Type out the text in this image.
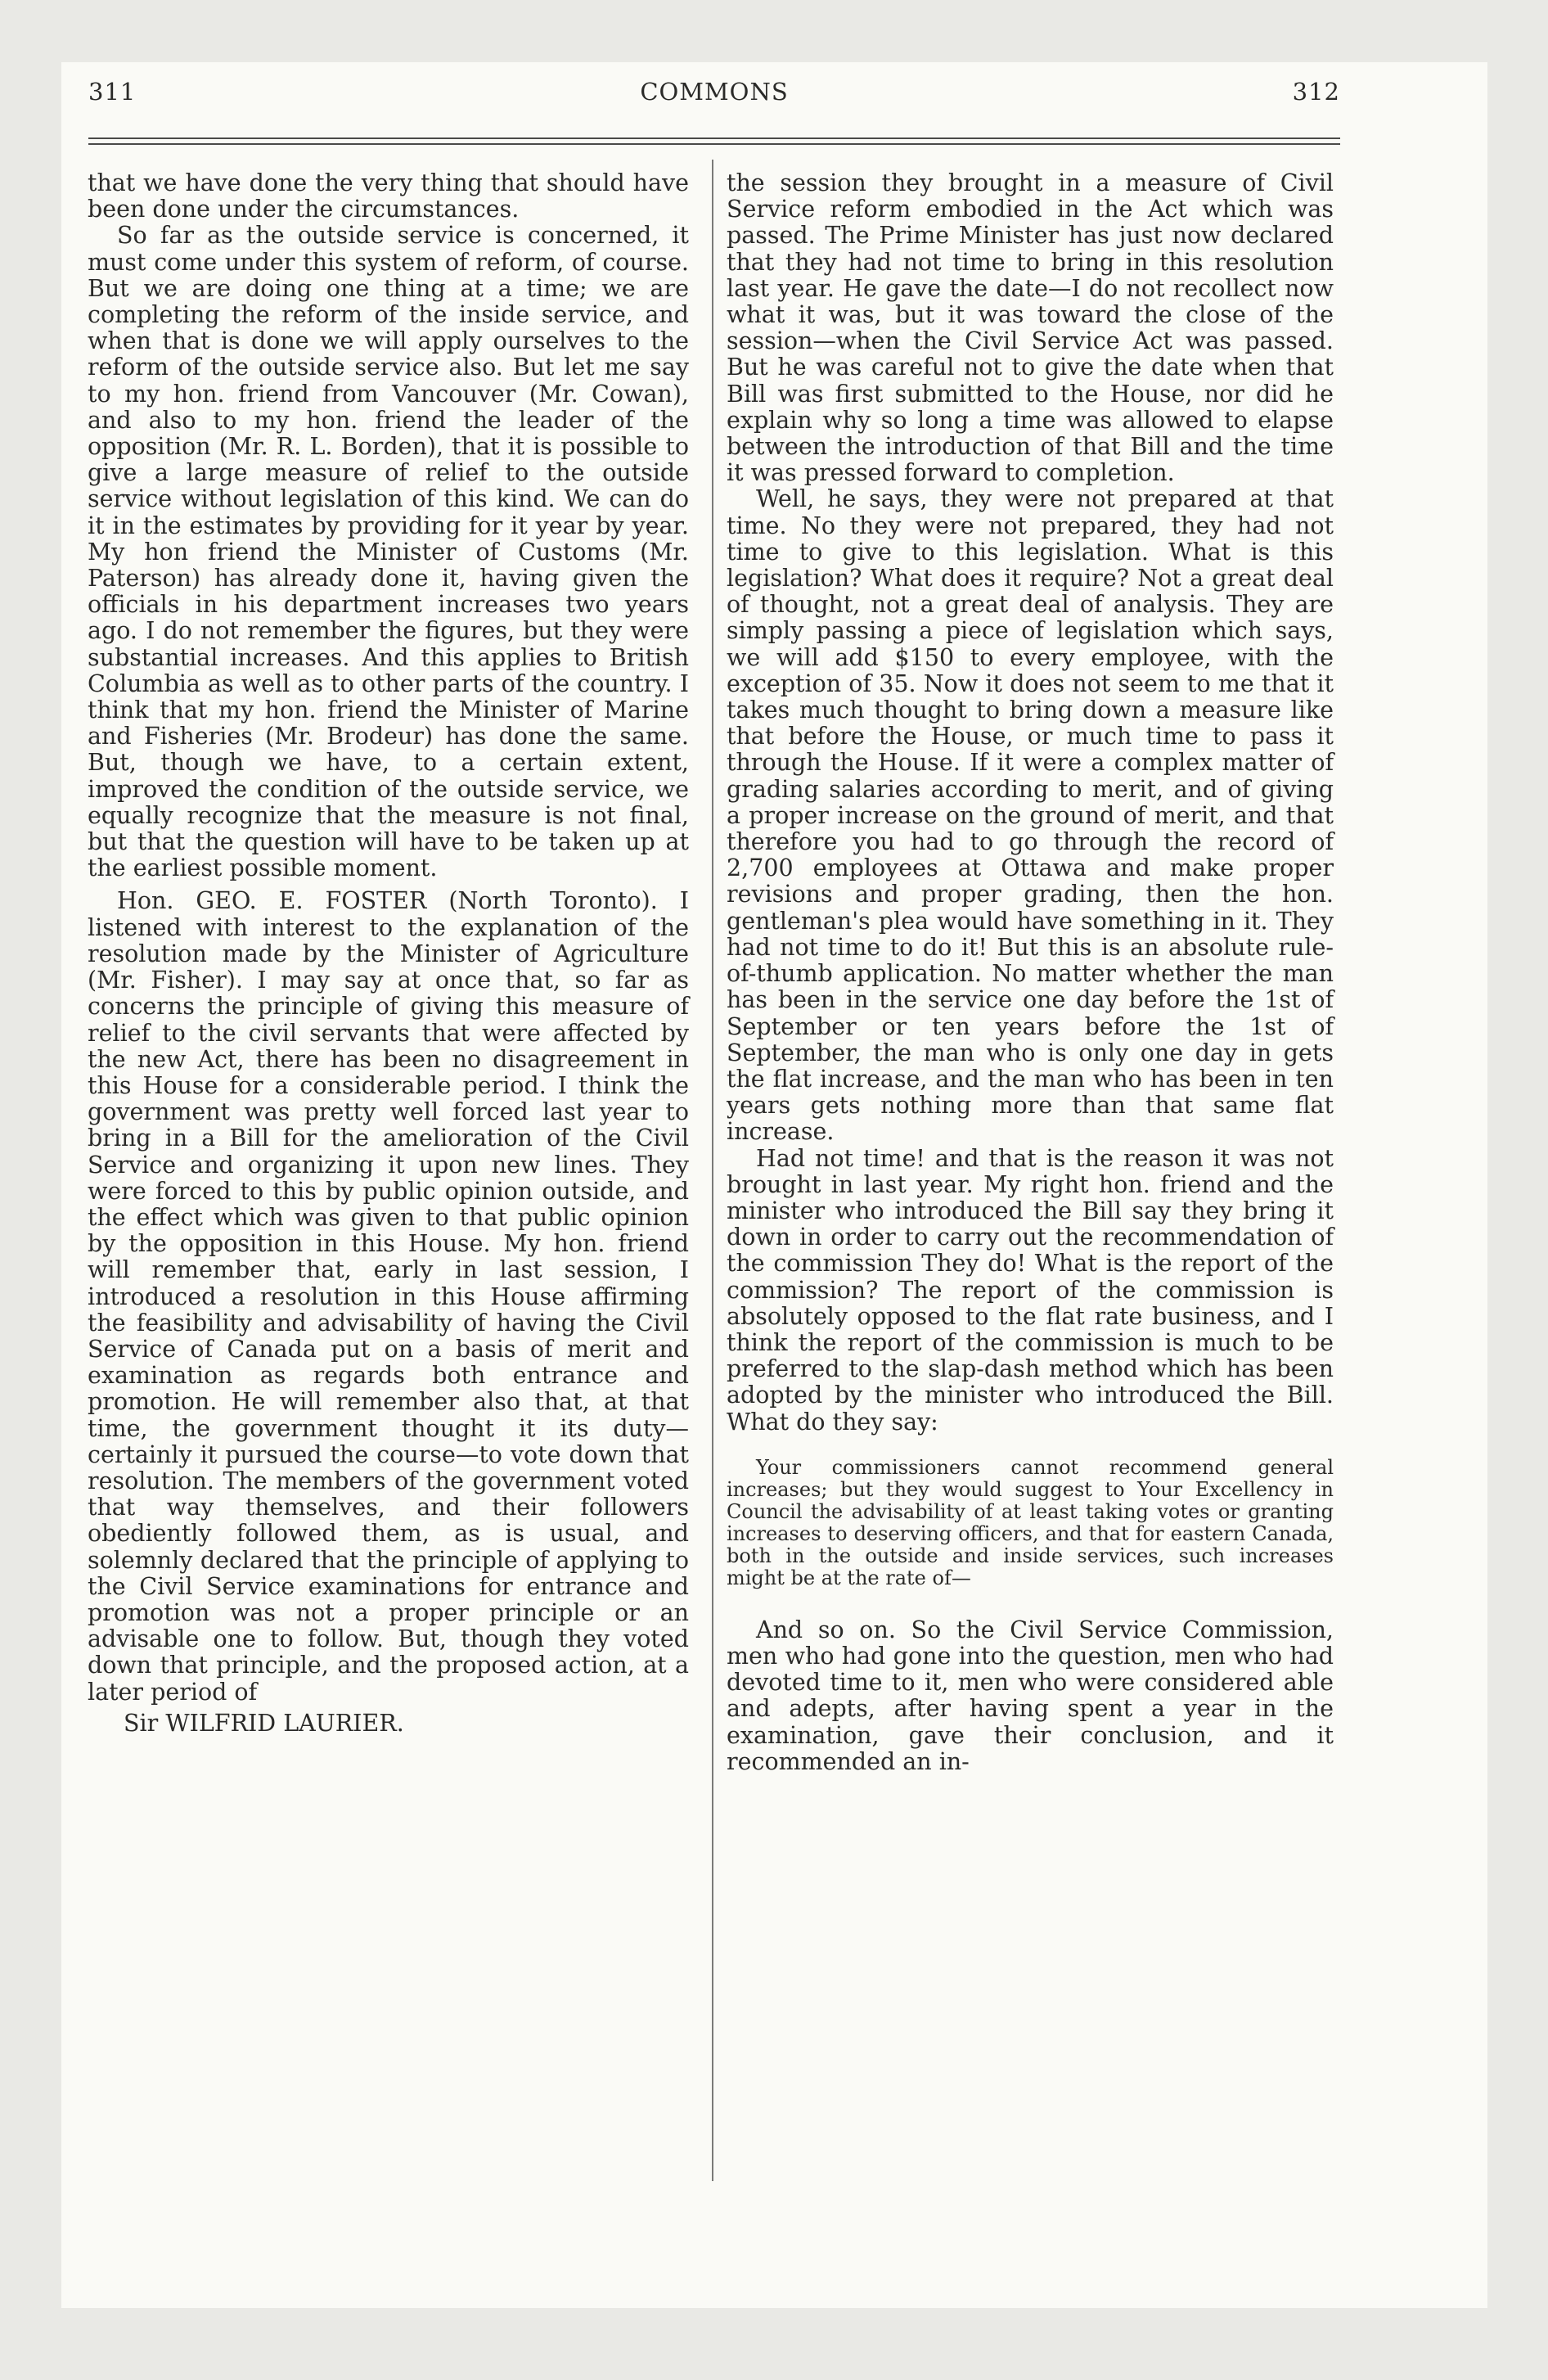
311	COMMONS	312

that we have done the very thing that should have been done under the circumstances.

So far as the outside service is concerned, it must come under this system of reform, of course. But we are doing one thing at a time; we are completing the reform of the inside service, and when that is done we will apply ourselves to the reform of the outside service also. But let me say to my hon. friend from Vancouver (Mr. Cowan), and also to my hon. friend the leader of the opposition (Mr. R. L. Borden), that it is possible to give a large measure of relief to the outside service without legislation of this kind. We can do it in the estimates by providing for it year by year. My hon friend the Minister of Customs (Mr. Paterson) has already done it, having given the officials in his department increases two years ago. I do not remember the figures, but they were substantial increases. And this applies to British Columbia as well as to other parts of the country. I think that my hon. friend the Minister of Marine and Fisheries (Mr. Brodeur) has done the same. But, though we have, to a certain extent, improved the condition of the outside service, we equally recognize that the measure is not final, but that the question will have to be taken up at the earliest possible moment.

Hon. GEO. E. FOSTER (North Toronto). I listened with interest to the explanation of the resolution made by the Minister of Agriculture (Mr. Fisher). I may say at once that, so far as concerns the principle of giving this measure of relief to the civil servants that were affected by the new Act, there has been no disagreement in this House for a considerable period. I think the government was pretty well forced last year to bring in a Bill for the amelioration of the Civil Service and organizing it upon new lines. They were forced to this by public opinion outside, and the effect which was given to that public opinion by the opposition in this House. My hon. friend will remember that, early in last session, I introduced a resolution in this House affirming the feasibility and advisability of having the Civil Service of Canada put on a basis of merit and examination as regards both entrance and promotion. He will remember also that, at that time, the government thought it its duty—certainly it pursued the course—to vote down that resolution. The members of the government voted that way themselves, and their followers obediently followed them, as is usual, and solemnly declared that the principle of applying to the Civil Service examinations for entrance and promotion was not a proper principle or an advisable one to follow. But, though they voted down that principle, and the proposed action, at a later period of

Sir WILFRID LAURIER.

the session they brought in a measure of Civil Service reform embodied in the Act which was passed. The Prime Minister has just now declared that they had not time to bring in this resolution last year. He gave the date—I do not recollect now what it was, but it was toward the close of the session—when the Civil Service Act was passed. But he was careful not to give the date when that Bill was first submitted to the House, nor did he explain why so long a time was allowed to elapse between the introduction of that Bill and the time it was pressed forward to completion.

Well, he says, they were not prepared at that time. No they were not prepared, they had not time to give to this legislation. What is this legislation? What does it require? Not a great deal of thought, not a great deal of analysis. They are simply passing a piece of legislation which says, we will add $150 to every employee, with the exception of 35. Now it does not seem to me that it takes much thought to bring down a measure like that before the House, or much time to pass it through the House. If it were a complex matter of grading salaries according to merit, and of giving a proper increase on the ground of merit, and that therefore you had to go through the record of 2,700 employees at Ottawa and make proper revisions and proper grading, then the hon. gentleman's plea would have something in it. They had not time to do it! But this is an absolute rule-of-thumb application. No matter whether the man has been in the service one day before the 1st of September or ten years before the 1st of September, the man who is only one day in gets the flat increase, and the man who has been in ten years gets nothing more than that same flat increase.

Had not time! and that is the reason it was not brought in last year. My right hon. friend and the minister who introduced the Bill say they bring it down in order to carry out the recommendation of the commission They do! What is the report of the commission? The report of the commission is absolutely opposed to the flat rate business, and I think the report of the commission is much to be preferred to the slap-dash method which has been adopted by the minister who introduced the Bill. What do they say:

Your commissioners cannot recommend general increases; but they would suggest to Your Excellency in Council the advisability of at least taking votes or granting increases to deserving officers, and that for eastern Canada, both in the outside and inside services, such increases might be at the rate of—

And so on. So the Civil Service Commission, men who had gone into the question, men who had devoted time to it, men who were considered able and adepts, after having spent a year in the examination, gave their conclusion, and it recommended an in-
